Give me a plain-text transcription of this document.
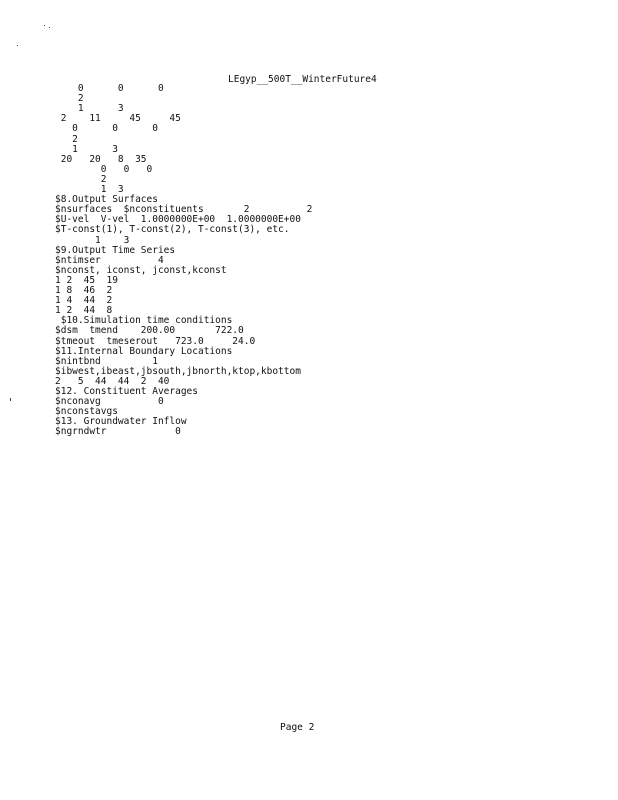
LEgyp__500T__WinterFuture4
0      0      0
2
1      3
2    11     45     45
0      0      0
2
1      3
20   20   8  35
0   0   0
2
1  3
$8.Output Surfaces
$nsurfaces  $nconstituents       2          2
$U-vel  V-vel  1.0000000E+00  1.0000000E+00
$T-const(1), T-const(2), T-const(3), etc.
1    3
$9.Output Time Series
$ntimser          4
$nconst, iconst, jconst,kconst
1 2  45  19
1 8  46  2
1 4  44  2
1 2  44  8
$10.Simulation time conditions
$dsm  tmend    200.00       722.0
$tmeout  tmeserout   723.0     24.0
$11.Internal Boundary Locations
$nintbnd         1
$ibwest,ibeast,jbsouth,jbnorth,ktop,kbottom
2   5  44  44  2  40
$12. Constituent Averages
$nconavg          0
$nconstavgs
$13. Groundwater Inflow
$ngrndwtr            0
Page 2
